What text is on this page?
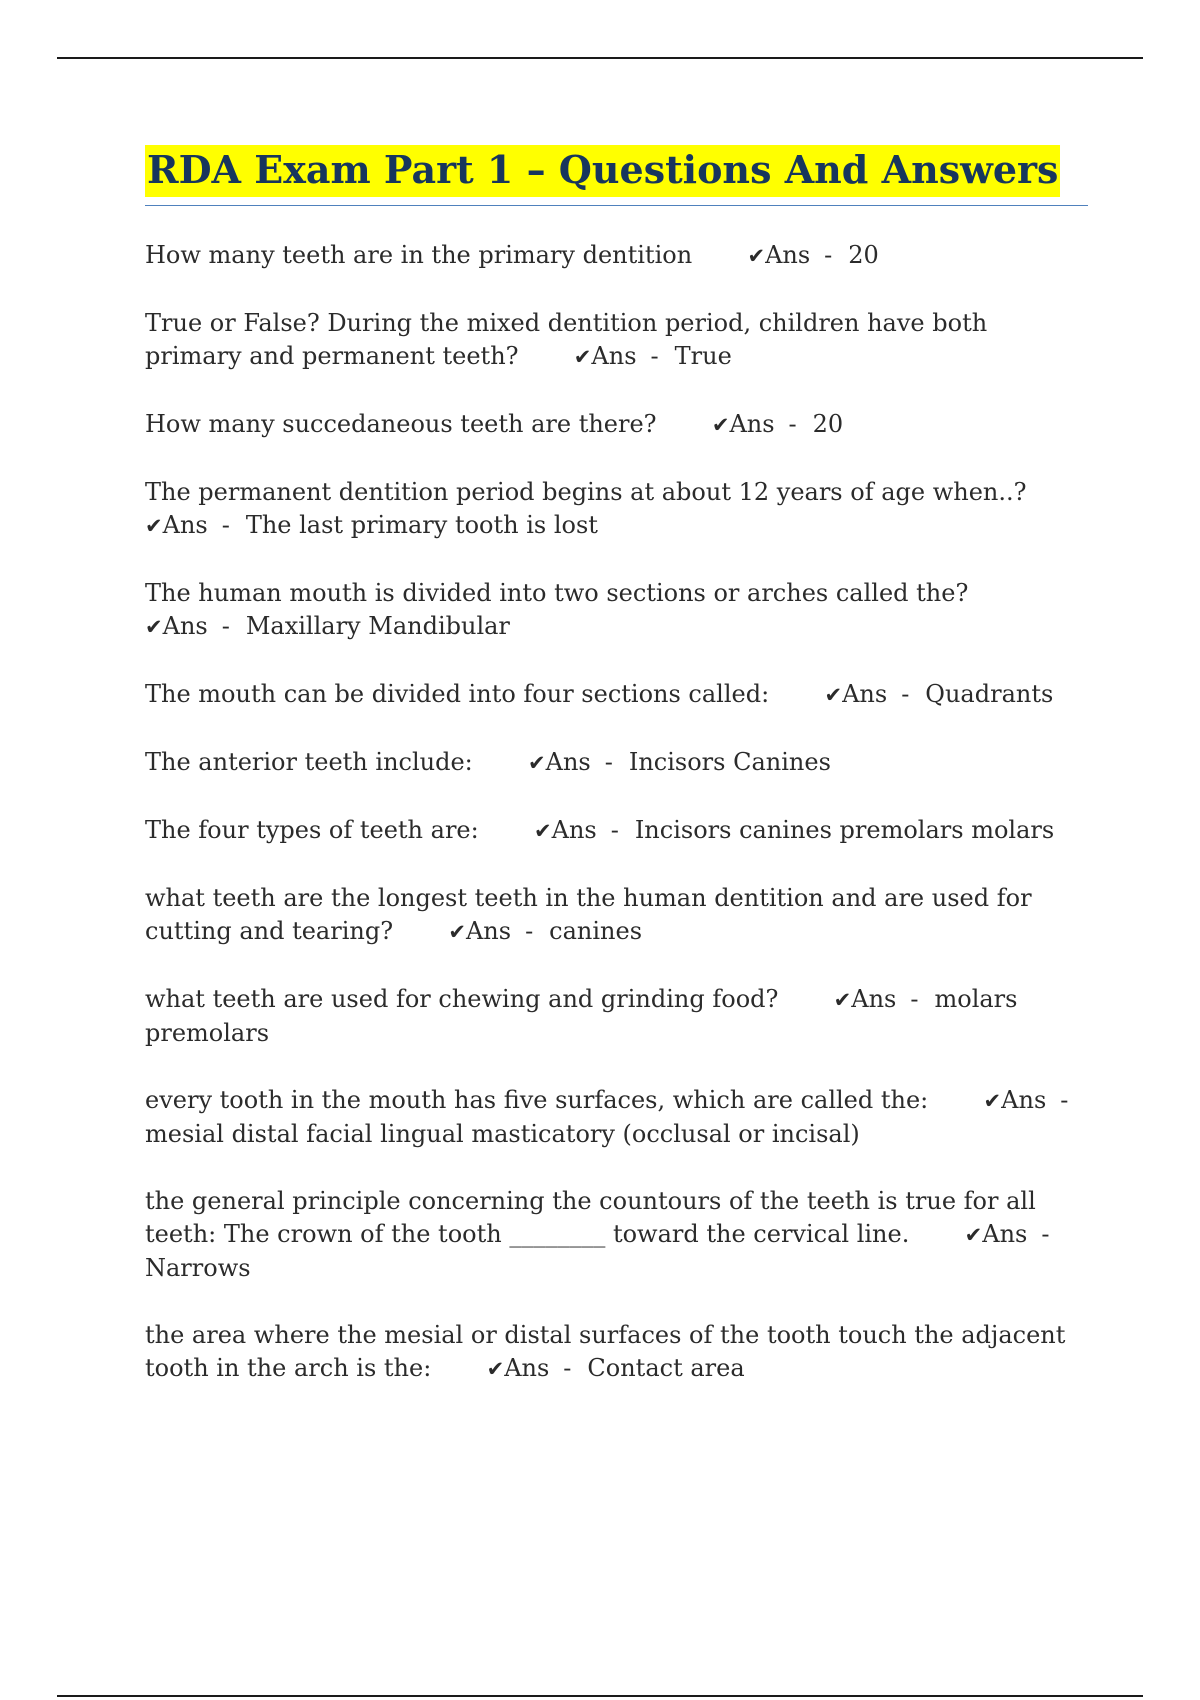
RDA Exam Part 1 – Questions And Answers

How many teeth are in the primary dentition	✔Ans - 20

True or False? During the mixed dentition period, children have both primary and permanent teeth?	✔Ans - True

How many succedaneous teeth are there?	✔Ans - 20

The permanent dentition period begins at about 12 years of age when..?  ✔Ans - The last primary tooth is lost

The human mouth is divided into two sections or arches called the?  ✔Ans - Maxillary Mandibular

The mouth can be divided into four sections called:	✔Ans - Quadrants

The anterior teeth include:	✔Ans - Incisors Canines

The four types of teeth are:	✔Ans - Incisors canines premolars molars

what teeth are the longest teeth in the human dentition and are used for cutting and tearing?	✔Ans - canines

what teeth are used for chewing and grinding food?	✔Ans - molars premolars

every tooth in the mouth has five surfaces, which are called the:	✔Ans -mesial distal facial lingual masticatory (occlusal or incisal)

the general principle concerning the countours of the teeth is true for all teeth: The crown of the tooth ________ toward the cervical line.	✔Ans -Narrows

the area where the mesial or distal surfaces of the tooth touch the adjacent tooth in the arch is the:	✔Ans - Contact area
